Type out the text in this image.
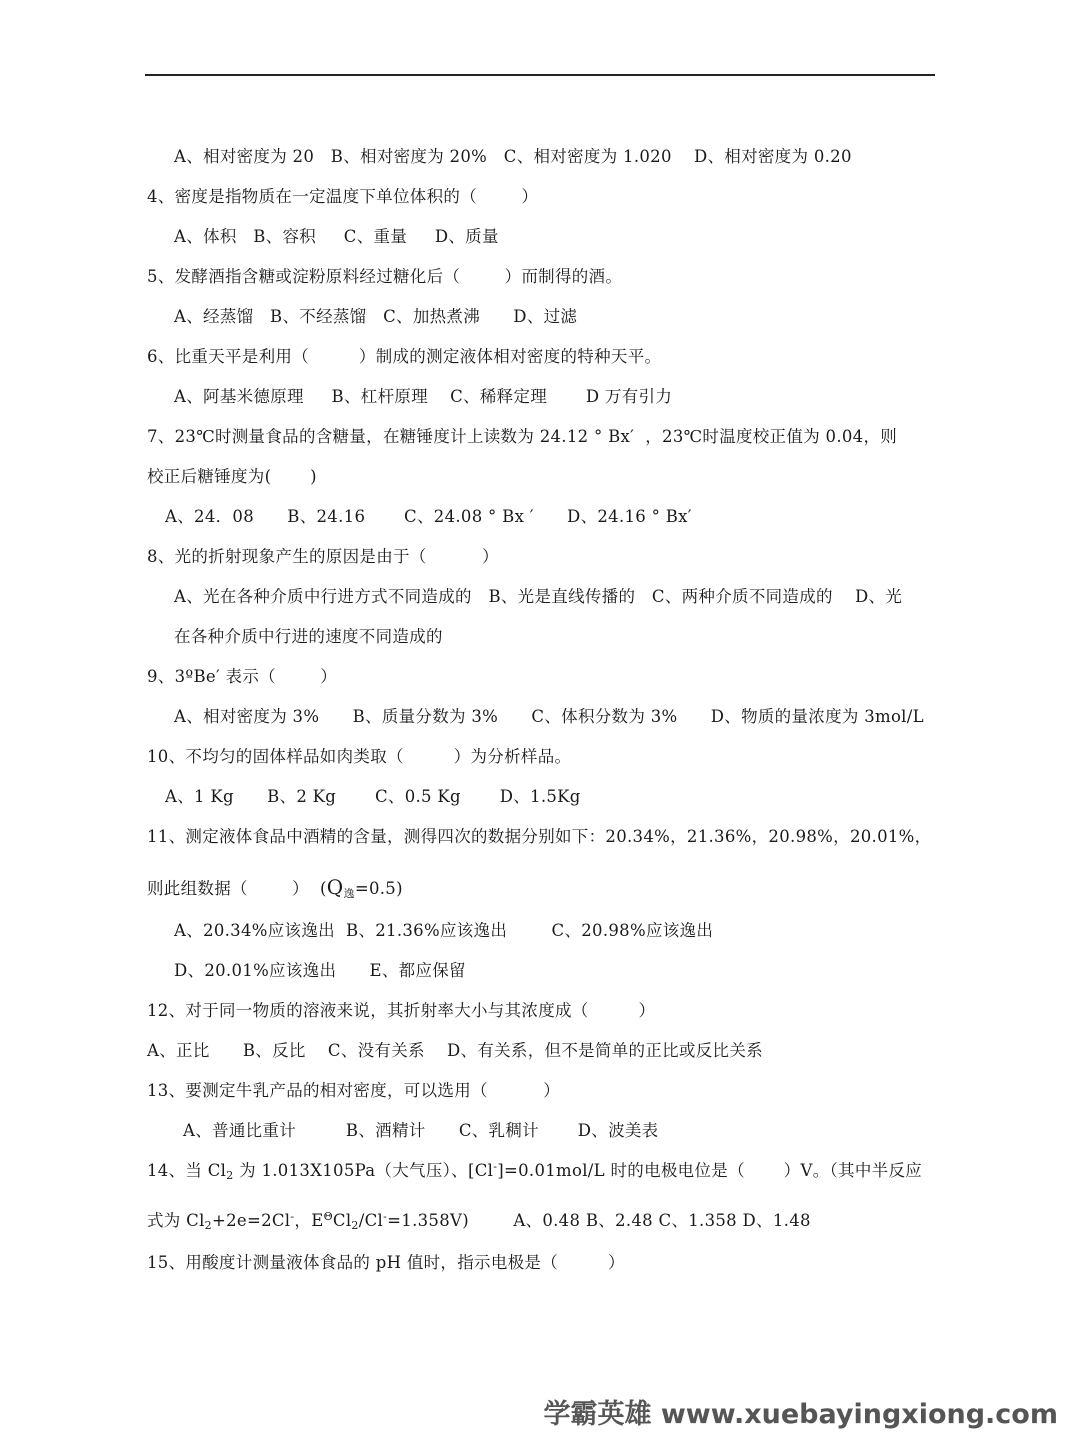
A、相对密度为 20   B、相对密度为 20%   C、相对密度为 1.020    D、相对密度为 0.20
4、密度是指物质在一定温度下单位体积的（        ）
A、体积   B、容积     C、重量     D、质量
5、发酵酒指含糖或淀粉原料经过糖化后（        ）而制得的酒。
A、经蒸馏   B、不经蒸馏   C、加热煮沸      D、过滤
6、比重天平是利用（         ）制成的测定液体相对密度的特种天平。
A、阿基米德原理     B、杠杆原理    C、稀释定理       D 万有引力
7、23℃时测量食品的含糖量，在糖锤度计上读数为 24.12 ° Bx′  ，23℃时温度校正值为 0.04，则
校正后糖锤度为(       )
A、24．08      B、24.16       C、24.08 ° Bx ′      D、24.16 ° Bx′
8、光的折射现象产生的原因是由于（          ）
A、光在各种介质中行进方式不同造成的   B、光是直线传播的   C、两种介质不同造成的    D、光
在各种介质中行进的速度不同造成的
9、3ºBe′ 表示（        ）
A、相对密度为 3%      B、质量分数为 3%      C、体积分数为 3%      D、物质的量浓度为 3mol/L
10、不均匀的固体样品如肉类取（         ）为分析样品。
A、1 Kg      B、2 Kg       C、0.5 Kg       D、1.5Kg
11、测定液体食品中酒精的含量，测得四次的数据分别如下：20.34%，21.36%，20.98%，20.01%，
则此组数据（        ）  $(Q_逸=0.5)$
A、20.34%应该逸出  B、21.36%应该逸出        C、20.98%应该逸出
D、20.01%应该逸出      E、都应保留
12、对于同一物质的溶液来说，其折射率大小与其浓度成（         ）
A、正比      B、反比    C、没有关系    D、有关系，但不是简单的正比或反比关系
13、要测定牛乳产品的相对密度，可以选用（          ）
A、普通比重计         B、酒精计      C、乳稠计       D、波美表
14、当 $Cl_2$ 为 1.013X105Pa（大气压）、[Cl-]=0.01mol/L 时的电极电位是（       ）V。（其中半反应
式为 $Cl_2+2e=2Cl^-$，$E^\Theta Cl_2/Cl^-=1.358V$)        A、0.48 B、2.48 C、1.358 D、1.48
15、用酸度计测量液体食品的 pH 值时，指示电极是（         ）
学霸英雄 www.xuebayingxiong.com
